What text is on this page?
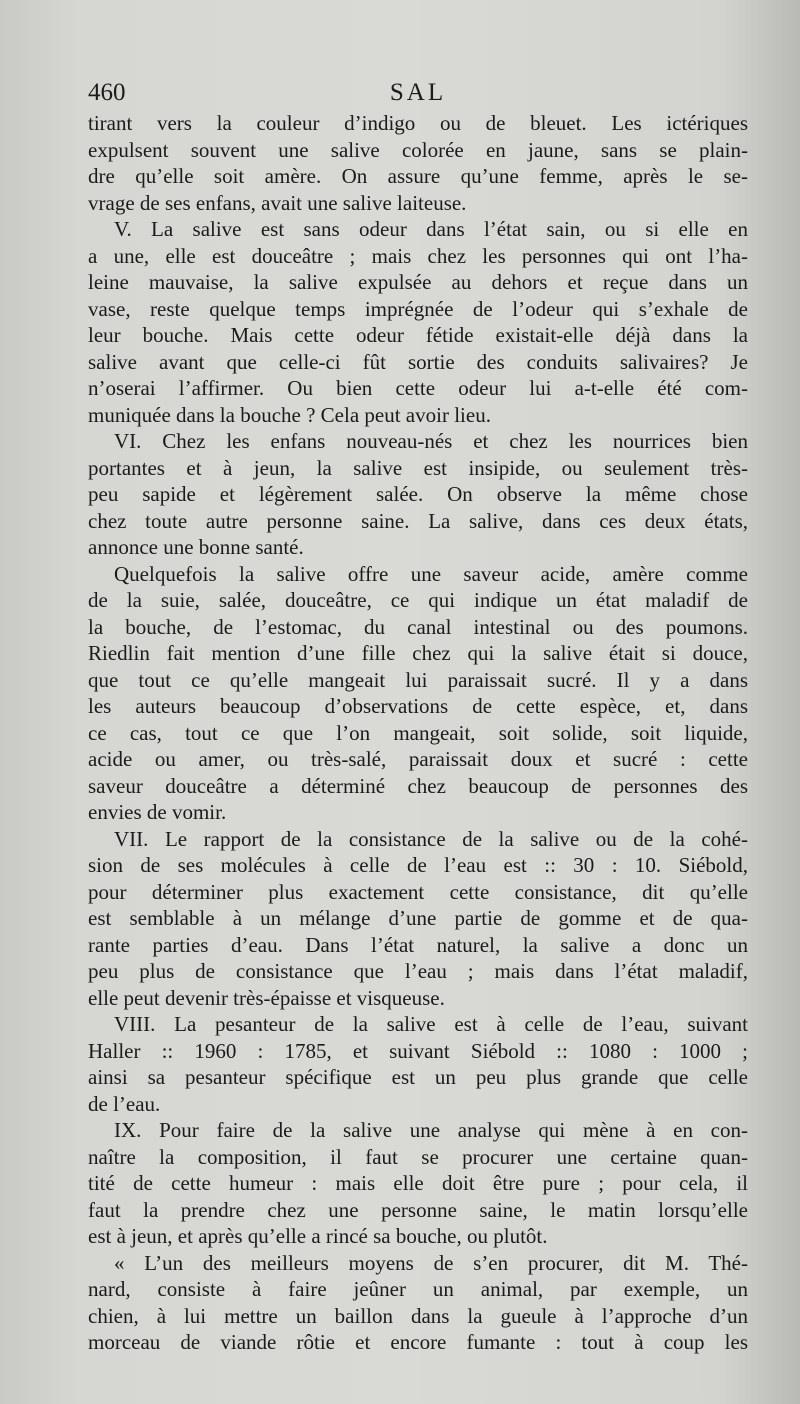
460	SAL
tirant vers la couleur d’indigo ou de bleuet. Les ictériques
expulsent souvent une salive colorée en jaune, sans se plain-
dre qu’elle soit amère. On assure qu’une femme, après le se-
vrage de ses enfans, avait une salive laiteuse.
V. La salive est sans odeur dans l’état sain, ou si elle en
a une, elle est douceâtre ; mais chez les personnes qui ont l’ha-
leine mauvaise, la salive expulsée au dehors et reçue dans un
vase, reste quelque temps imprégnée de l’odeur qui s’exhale de
leur bouche. Mais cette odeur fétide existait-elle déjà dans la
salive avant que celle-ci fût sortie des conduits salivaires? Je
n’oserai l’affirmer. Ou bien cette odeur lui a-t-elle été com-
muniquée dans la bouche ? Cela peut avoir lieu.
VI. Chez les enfans nouveau-nés et chez les nourrices bien
portantes et à jeun, la salive est insipide, ou seulement très-
peu sapide et légèrement salée. On observe la même chose
chez toute autre personne saine. La salive, dans ces deux états,
annonce une bonne santé.
Quelquefois la salive offre une saveur acide, amère comme
de la suie, salée, douceâtre, ce qui indique un état maladif de
la bouche, de l’estomac, du canal intestinal ou des poumons.
Riedlin fait mention d’une fille chez qui la salive était si douce,
que tout ce qu’elle mangeait lui paraissait sucré. Il y a dans
les auteurs beaucoup d’observations de cette espèce, et, dans
ce cas, tout ce que l’on mangeait, soit solide, soit liquide,
acide ou amer, ou très-salé, paraissait doux et sucré : cette
saveur douceâtre a déterminé chez beaucoup de personnes des
envies de vomir.
VII. Le rapport de la consistance de la salive ou de la cohé-
sion de ses molécules à celle de l’eau est :: 30 : 10. Siébold,
pour déterminer plus exactement cette consistance, dit qu’elle
est semblable à un mélange d’une partie de gomme et de qua-
rante parties d’eau. Dans l’état naturel, la salive a donc un
peu plus de consistance que l’eau ; mais dans l’état maladif,
elle peut devenir très-épaisse et visqueuse.
VIII. La pesanteur de la salive est à celle de l’eau, suivant
Haller :: 1960 : 1785, et suivant Siébold :: 1080 : 1000 ;
ainsi sa pesanteur spécifique est un peu plus grande que celle
de l’eau.
IX. Pour faire de la salive une analyse qui mène à en con-
naître la composition, il faut se procurer une certaine quan-
tité de cette humeur : mais elle doit être pure ; pour cela, il
faut la prendre chez une personne saine, le matin lorsqu’elle
est à jeun, et après qu’elle a rincé sa bouche, ou plutôt.
« L’un des meilleurs moyens de s’en procurer, dit M. Thé-
nard, consiste à faire jeûner un animal, par exemple, un
chien, à lui mettre un baillon dans la gueule à l’approche d’un
morceau de viande rôtie et encore fumante : tout à coup les
